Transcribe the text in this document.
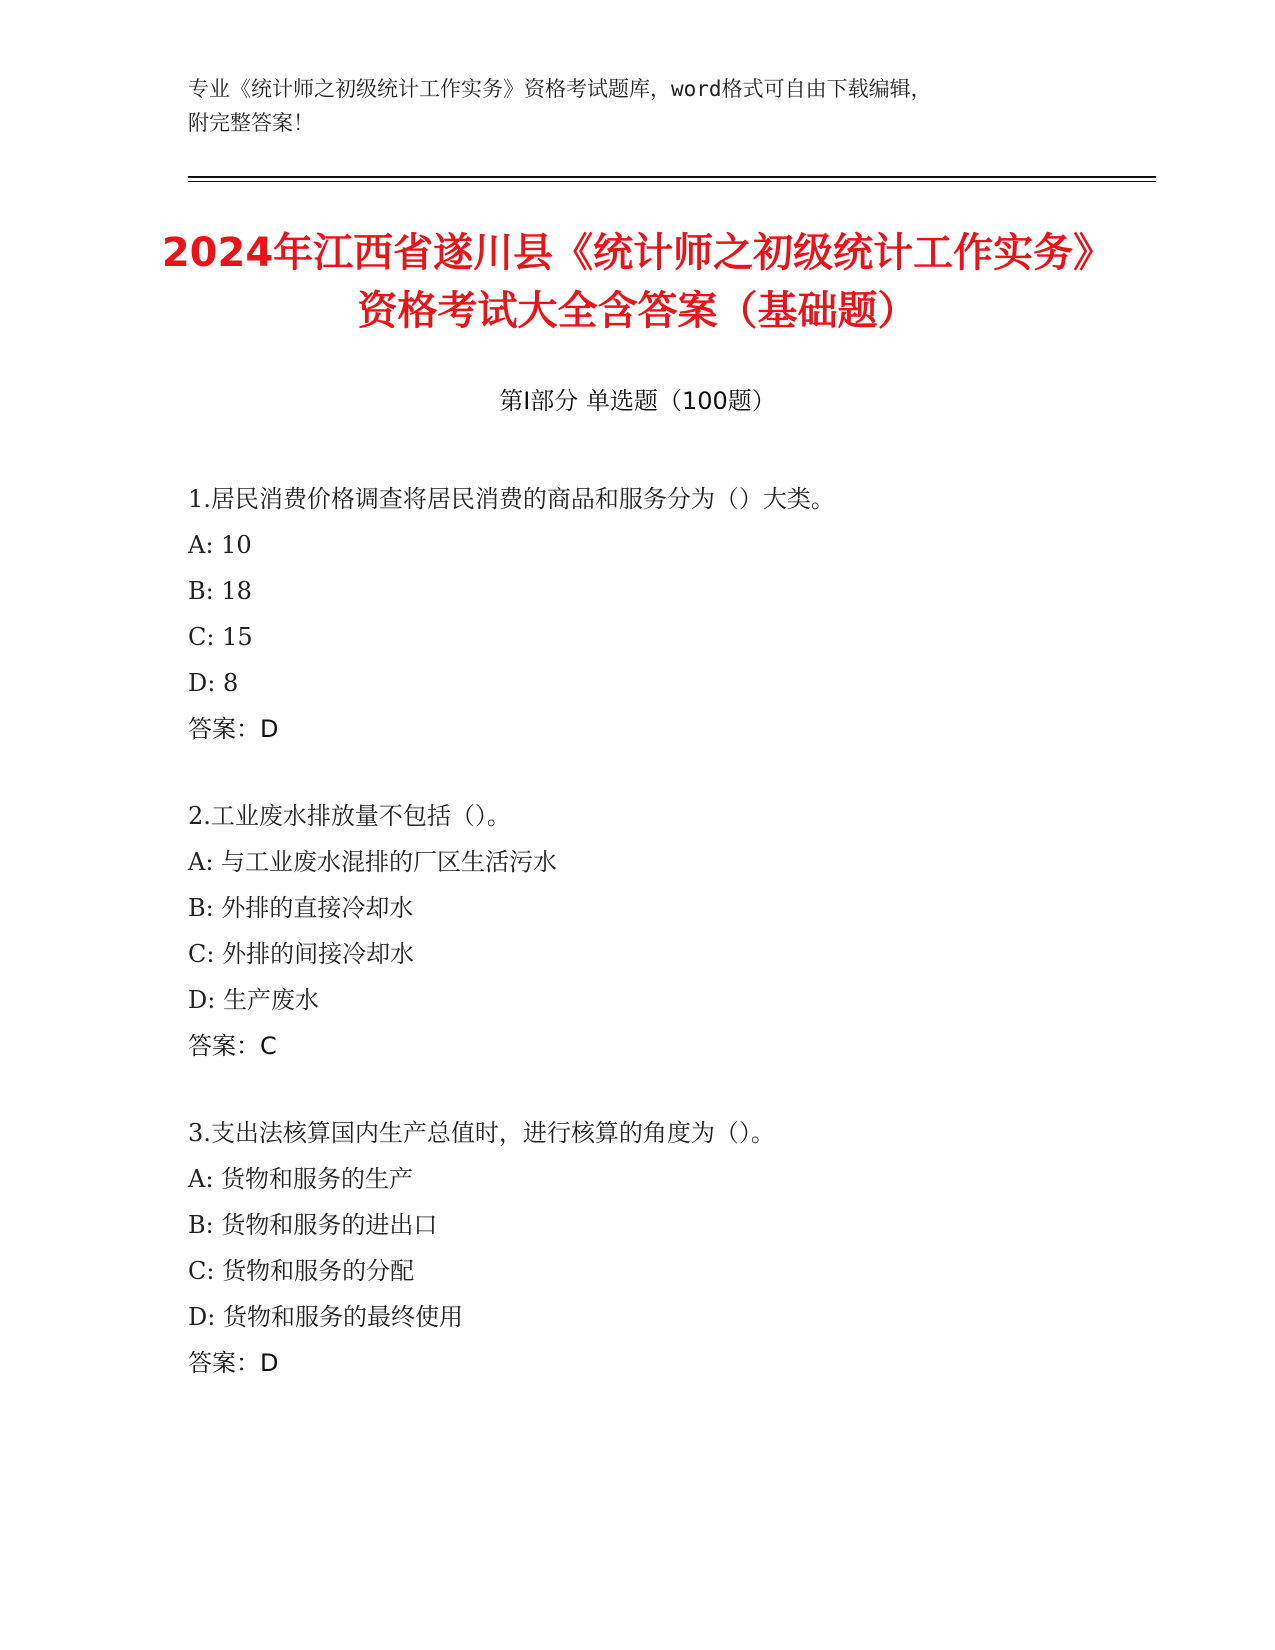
专业《统计师之初级统计工作实务》资格考试题库，word格式可自由下载编辑，
附完整答案！
2024年江西省遂川县《统计师之初级统计工作实务》资格考试大全含答案（基础题）
第Ⅰ部分 单选题（100题）
1.居民消费价格调查将居民消费的商品和服务分为（）大类。
A: 10
B: 18
C: 15
D: 8
答案：D
2.工业废水排放量不包括（）。
A: 与工业废水混排的厂区生活污水
B: 外排的直接冷却水
C: 外排的间接冷却水
D: 生产废水
答案：C
3.支出法核算国内生产总值时，进行核算的角度为（）。
A: 货物和服务的生产
B: 货物和服务的进出口
C: 货物和服务的分配
D: 货物和服务的最终使用
答案：D
